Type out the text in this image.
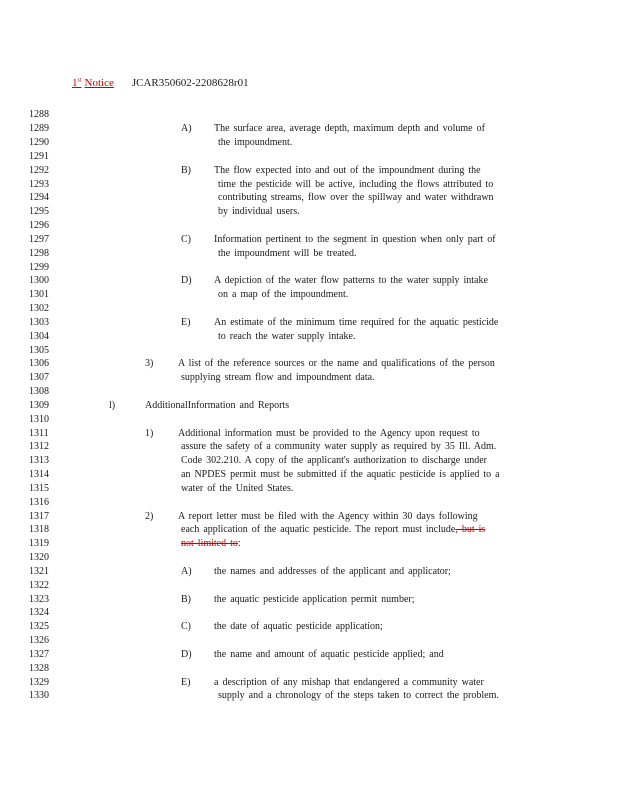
1st Notice JCAR350602-2208628r01
1288
1289
1290
1291
1292
1293
1294
1295
1296
1297
1298
1299
1300
1301
1302
1303
1304
1305
1306
1307
1308
1309
1310
1311
1312
1313
1314
1315
1316
1317
1318
1319
1320
1321
1322
1323
1324
1325
1326
1327
1328
1329
1330
A) The surface area, average depth, maximum depth and volume of
the impoundment.
B) The flow expected into and out of the impoundment during the
time the pesticide will be active, including the flows attributed to
contributing streams, flow over the spillway and water withdrawn
by individual users.
C) Information pertinent to the segment in question when only part of
the impoundment will be treated.
D) A depiction of the water flow patterns to the water supply intake
on a map of the impoundment.
E) An estimate of the minimum time required for the aquatic pesticide
to reach the water supply intake.
3) A list of the reference sources or the name and qualifications of the person
supplying stream flow and impoundment data.
l)	AdditionalInformation and Reports
1) Additional information must be provided to the Agency upon request to
assure the safety of a community water supply as required by 35 Ill. Adm.
Code 302.210. A copy of the applicant's authorization to discharge under
an NPDES permit must be submitted if the aquatic pesticide is applied to a
water of the United States.
2) A report letter must be filed with the Agency within 30 days following
each application of the aquatic pesticide. The report must include, but is
not limited to:
A) the names and addresses of the applicant and applicator;
B) the aquatic pesticide application permit number;
C) the date of aquatic pesticide application;
D) the name and amount of aquatic pesticide applied; and
E) a description of any mishap that endangered a community water
supply and a chronology of the steps taken to correct the problem.
